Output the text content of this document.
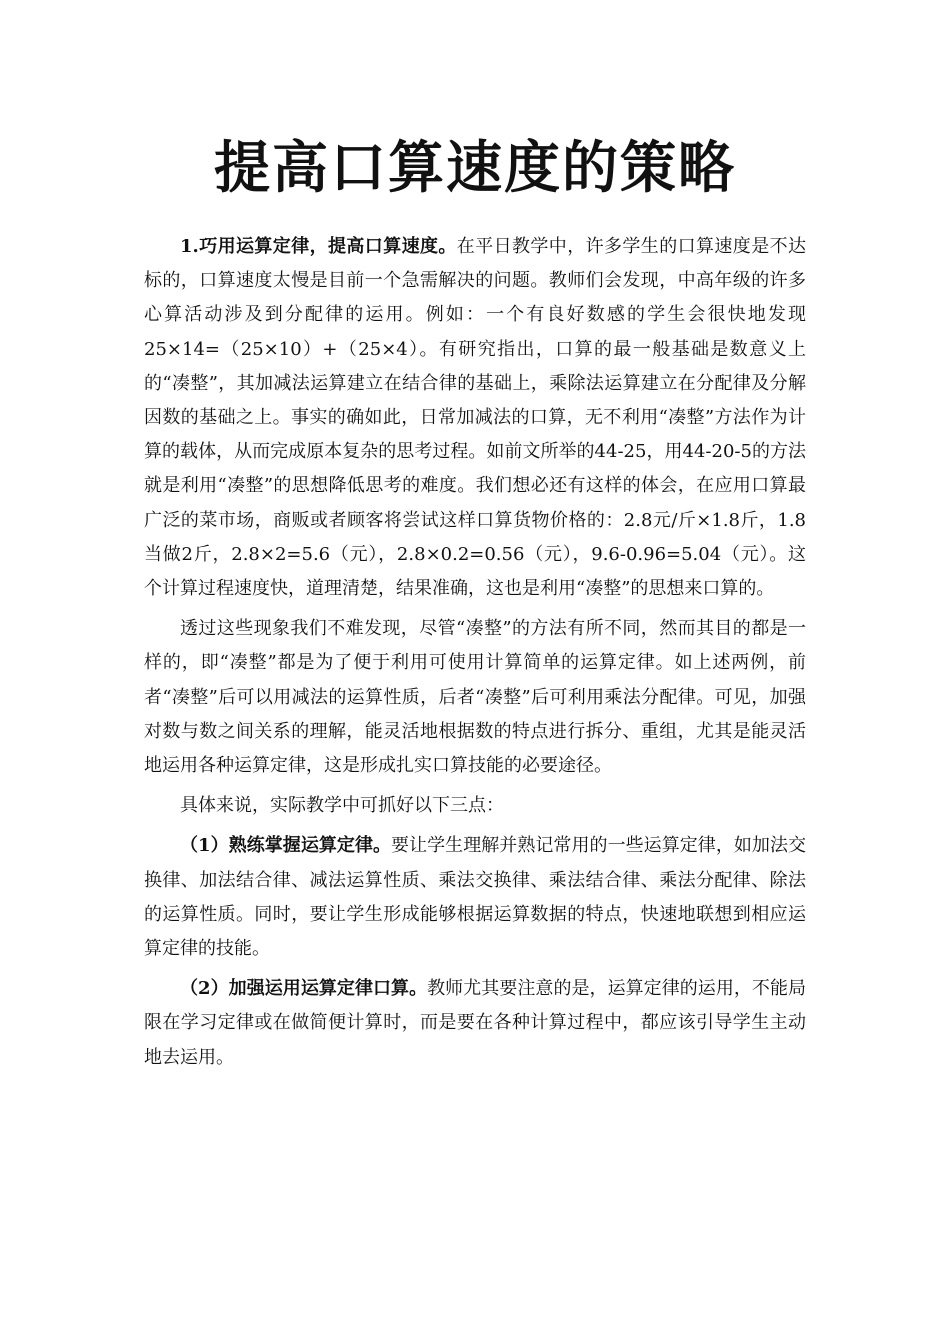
提高口算速度的策略

1.巧用运算定律，提高口算速度。在平日教学中，许多学生的口算速度是不达标的，口算速度太慢是目前一个急需解决的问题。教师们会发现，中高年级的许多心算活动涉及到分配律的运用。例如：一个有良好数感的学生会很快地发现25×14=（25×10）+（25×4）。有研究指出，口算的最一般基础是数意义上的“凑整”，其加减法运算建立在结合律的基础上，乘除法运算建立在分配律及分解因数的基础之上。事实的确如此，日常加减法的口算，无不利用“凑整”方法作为计算的载体，从而完成原本复杂的思考过程。如前文所举的44-25，用44-20-5的方法就是利用“凑整”的思想降低思考的难度。我们想必还有这样的体会，在应用口算最广泛的菜市场，商贩或者顾客将尝试这样口算货物价格的：2.8元/斤×1.8斤，1.8当做2斤，2.8×2=5.6（元），2.8×0.2=0.56（元），9.6-0.96=5.04（元）。这个计算过程速度快，道理清楚，结果准确，这也是利用“凑整”的思想来口算的。

透过这些现象我们不难发现，尽管“凑整”的方法有所不同，然而其目的都是一样的，即“凑整”都是为了便于利用可使用计算简单的运算定律。如上述两例，前者“凑整”后可以用减法的运算性质，后者“凑整”后可利用乘法分配律。可见，加强对数与数之间关系的理解，能灵活地根据数的特点进行拆分、重组，尤其是能灵活地运用各种运算定律，这是形成扎实口算技能的必要途径。

具体来说，实际教学中可抓好以下三点：

（1）熟练掌握运算定律。要让学生理解并熟记常用的一些运算定律，如加法交换律、加法结合律、减法运算性质、乘法交换律、乘法结合律、乘法分配律、除法的运算性质。同时，要让学生形成能够根据运算数据的特点，快速地联想到相应运算定律的技能。

（2）加强运用运算定律口算。教师尤其要注意的是，运算定律的运用，不能局限在学习定律或在做简便计算时，而是要在各种计算过程中，都应该引导学生主动地去运用。
